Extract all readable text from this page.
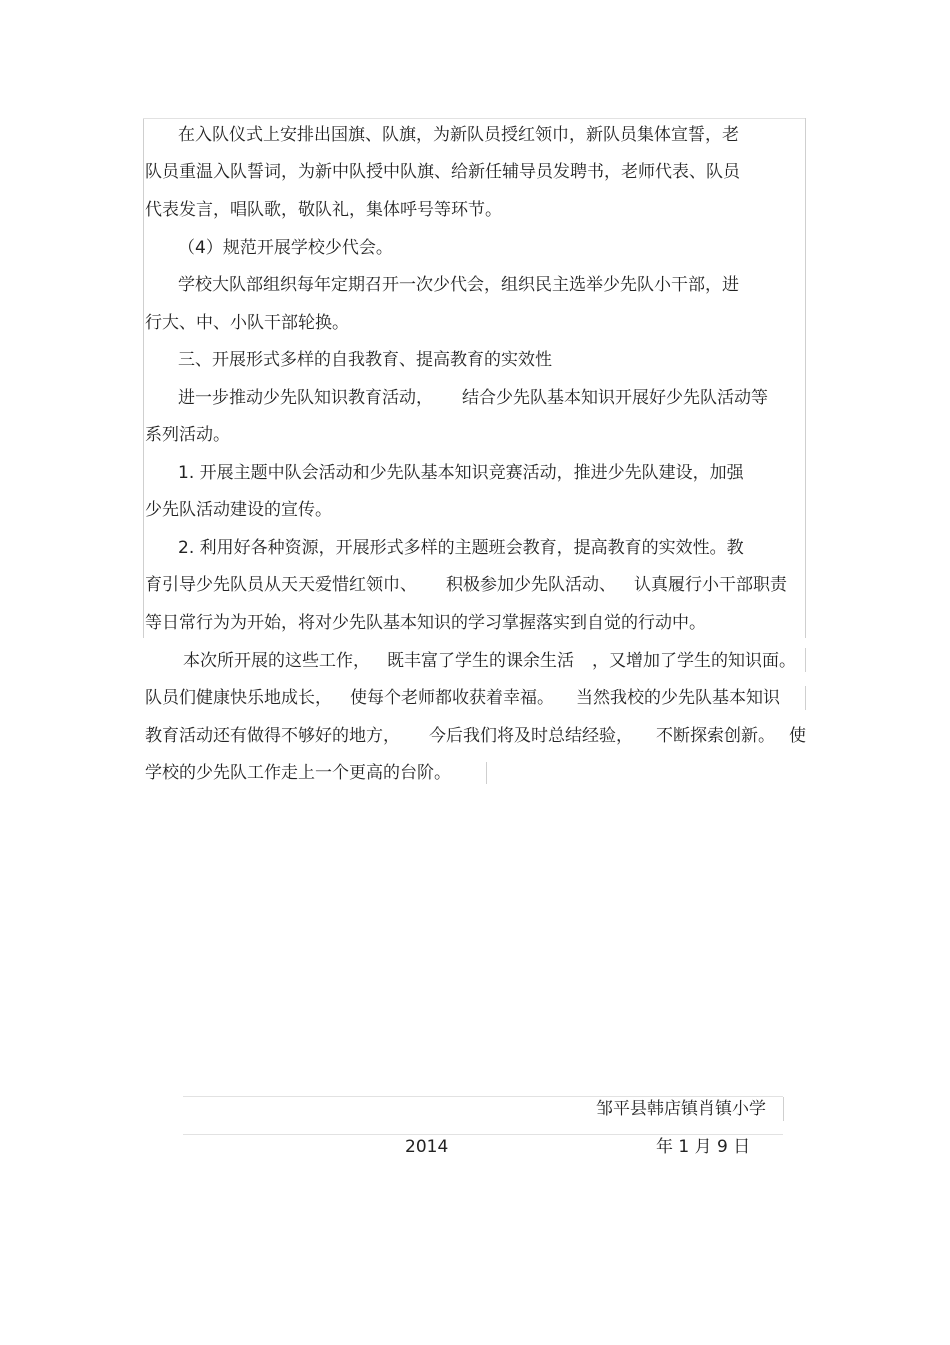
在入队仪式上安排出国旗、队旗，为新队员授红领巾，新队员集体宣誓，老
队员重温入队誓词，为新中队授中队旗、给新任辅导员发聘书，老师代表、队员
代表发言，唱队歌，敬队礼，集体呼号等环节。
（4）规范开展学校少代会。
学校大队部组织每年定期召开一次少代会，组织民主选举少先队小干部，进
行大、中、小队干部轮换。
三、开展形式多样的自我教育、提高教育的实效性
进一步推动少先队知识教育活动， 结合少先队基本知识开展好少先队活动等
系列活动。
1. 开展主题中队会活动和少先队基本知识竞赛活动，推进少先队建设，加强
少先队活动建设的宣传。
2. 利用好各种资源，开展形式多样的主题班会教育，提高教育的实效性。教
育引导少先队员从天天爱惜红领巾、 积极参加少先队活动、 认真履行小干部职责
等日常行为为开始，将对少先队基本知识的学习掌握落实到自觉的行动中。
本次所开展的这些工作， 既丰富了学生的课余生活 ，又增加了学生的知识面。
队员们健康快乐地成长， 使每个老师都收获着幸福。 当然我校的少先队基本知识
教育活动还有做得不够好的地方， 今后我们将及时总结经验， 不断探索创新。 使
学校的少先队工作走上一个更高的台阶。
邹平县韩店镇肖镇小学
2014	年 1 月 9 日
